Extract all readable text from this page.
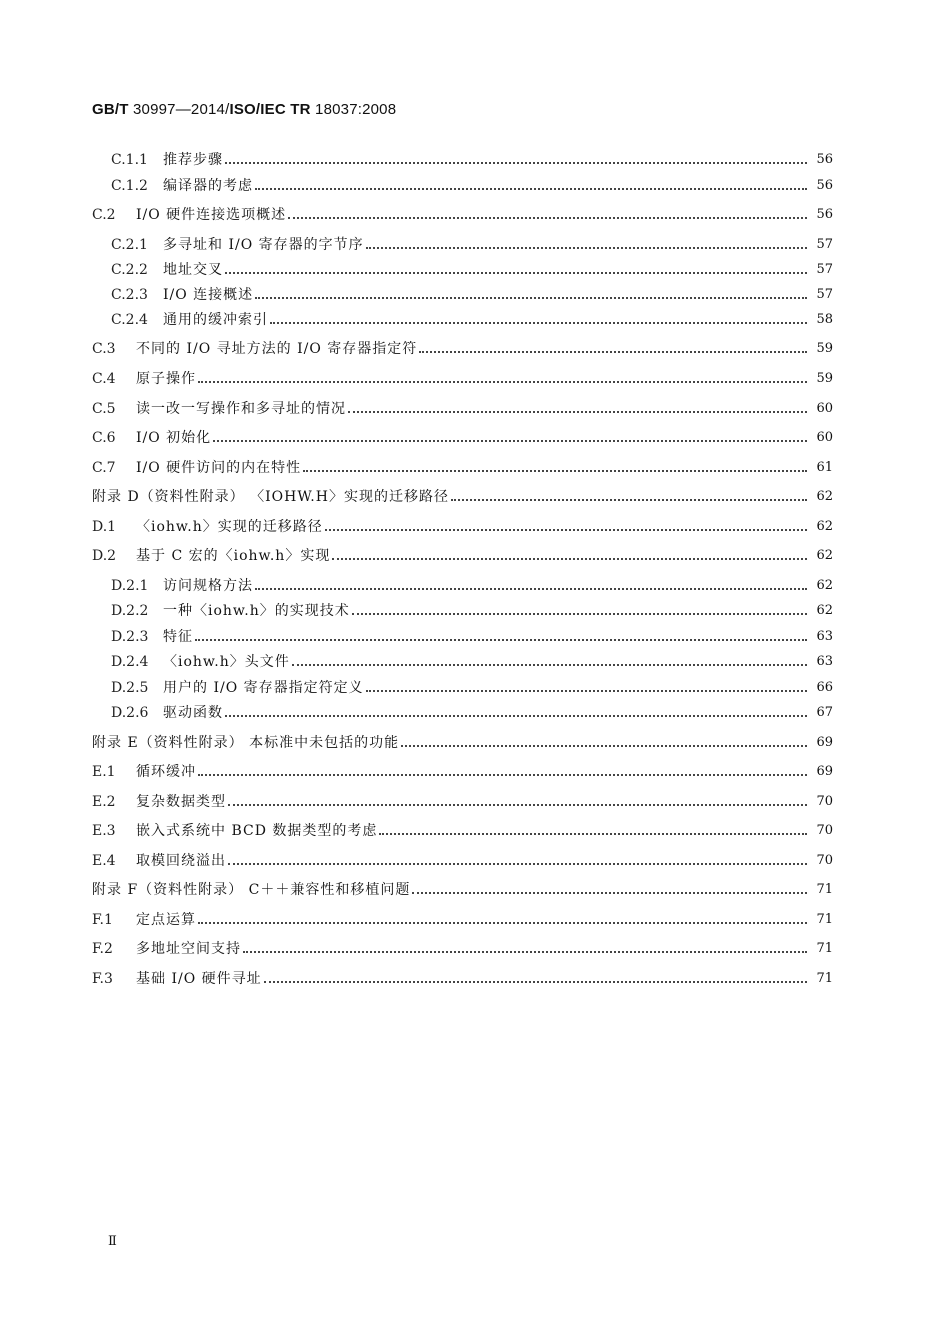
GB/T 30997—2014/ISO/IEC TR 18037:2008
C.1.1	推荐步骤	56
C.1.2	编译器的考虑	56
C.2	I/O 硬件连接选项概述	56
C.2.1	多寻址和 I/O 寄存器的字节序	57
C.2.2	地址交叉	57
C.2.3	I/O 连接概述	57
C.2.4	通用的缓冲索引	58
C.3	不同的 I/O 寻址方法的 I/O 寄存器指定符	59
C.4	原子操作	59
C.5	读一改一写操作和多寻址的情况	60
C.6	I/O 初始化	60
C.7	I/O 硬件访问的内在特性	61
附录 D（资料性附录） 〈IOHW.H〉实现的迁移路径	62
D.1	〈iohw.h〉实现的迁移路径	62
D.2	基于 C 宏的〈iohw.h〉实现	62
D.2.1	访问规格方法	62
D.2.2	一种〈iohw.h〉的实现技术	62
D.2.3	特征	63
D.2.4	〈iohw.h〉头文件	63
D.2.5	用户的 I/O 寄存器指定符定义	66
D.2.6	驱动函数	67
附录 E（资料性附录） 本标准中未包括的功能	69
E.1	循环缓冲	69
E.2	复杂数据类型	70
E.3	嵌入式系统中 BCD 数据类型的考虑	70
E.4	取模回绕溢出	70
附录 F（资料性附录） C＋＋兼容性和移植问题	71
F.1	定点运算	71
F.2	多地址空间支持	71
F.3	基础 I/O 硬件寻址	71
Ⅱ
